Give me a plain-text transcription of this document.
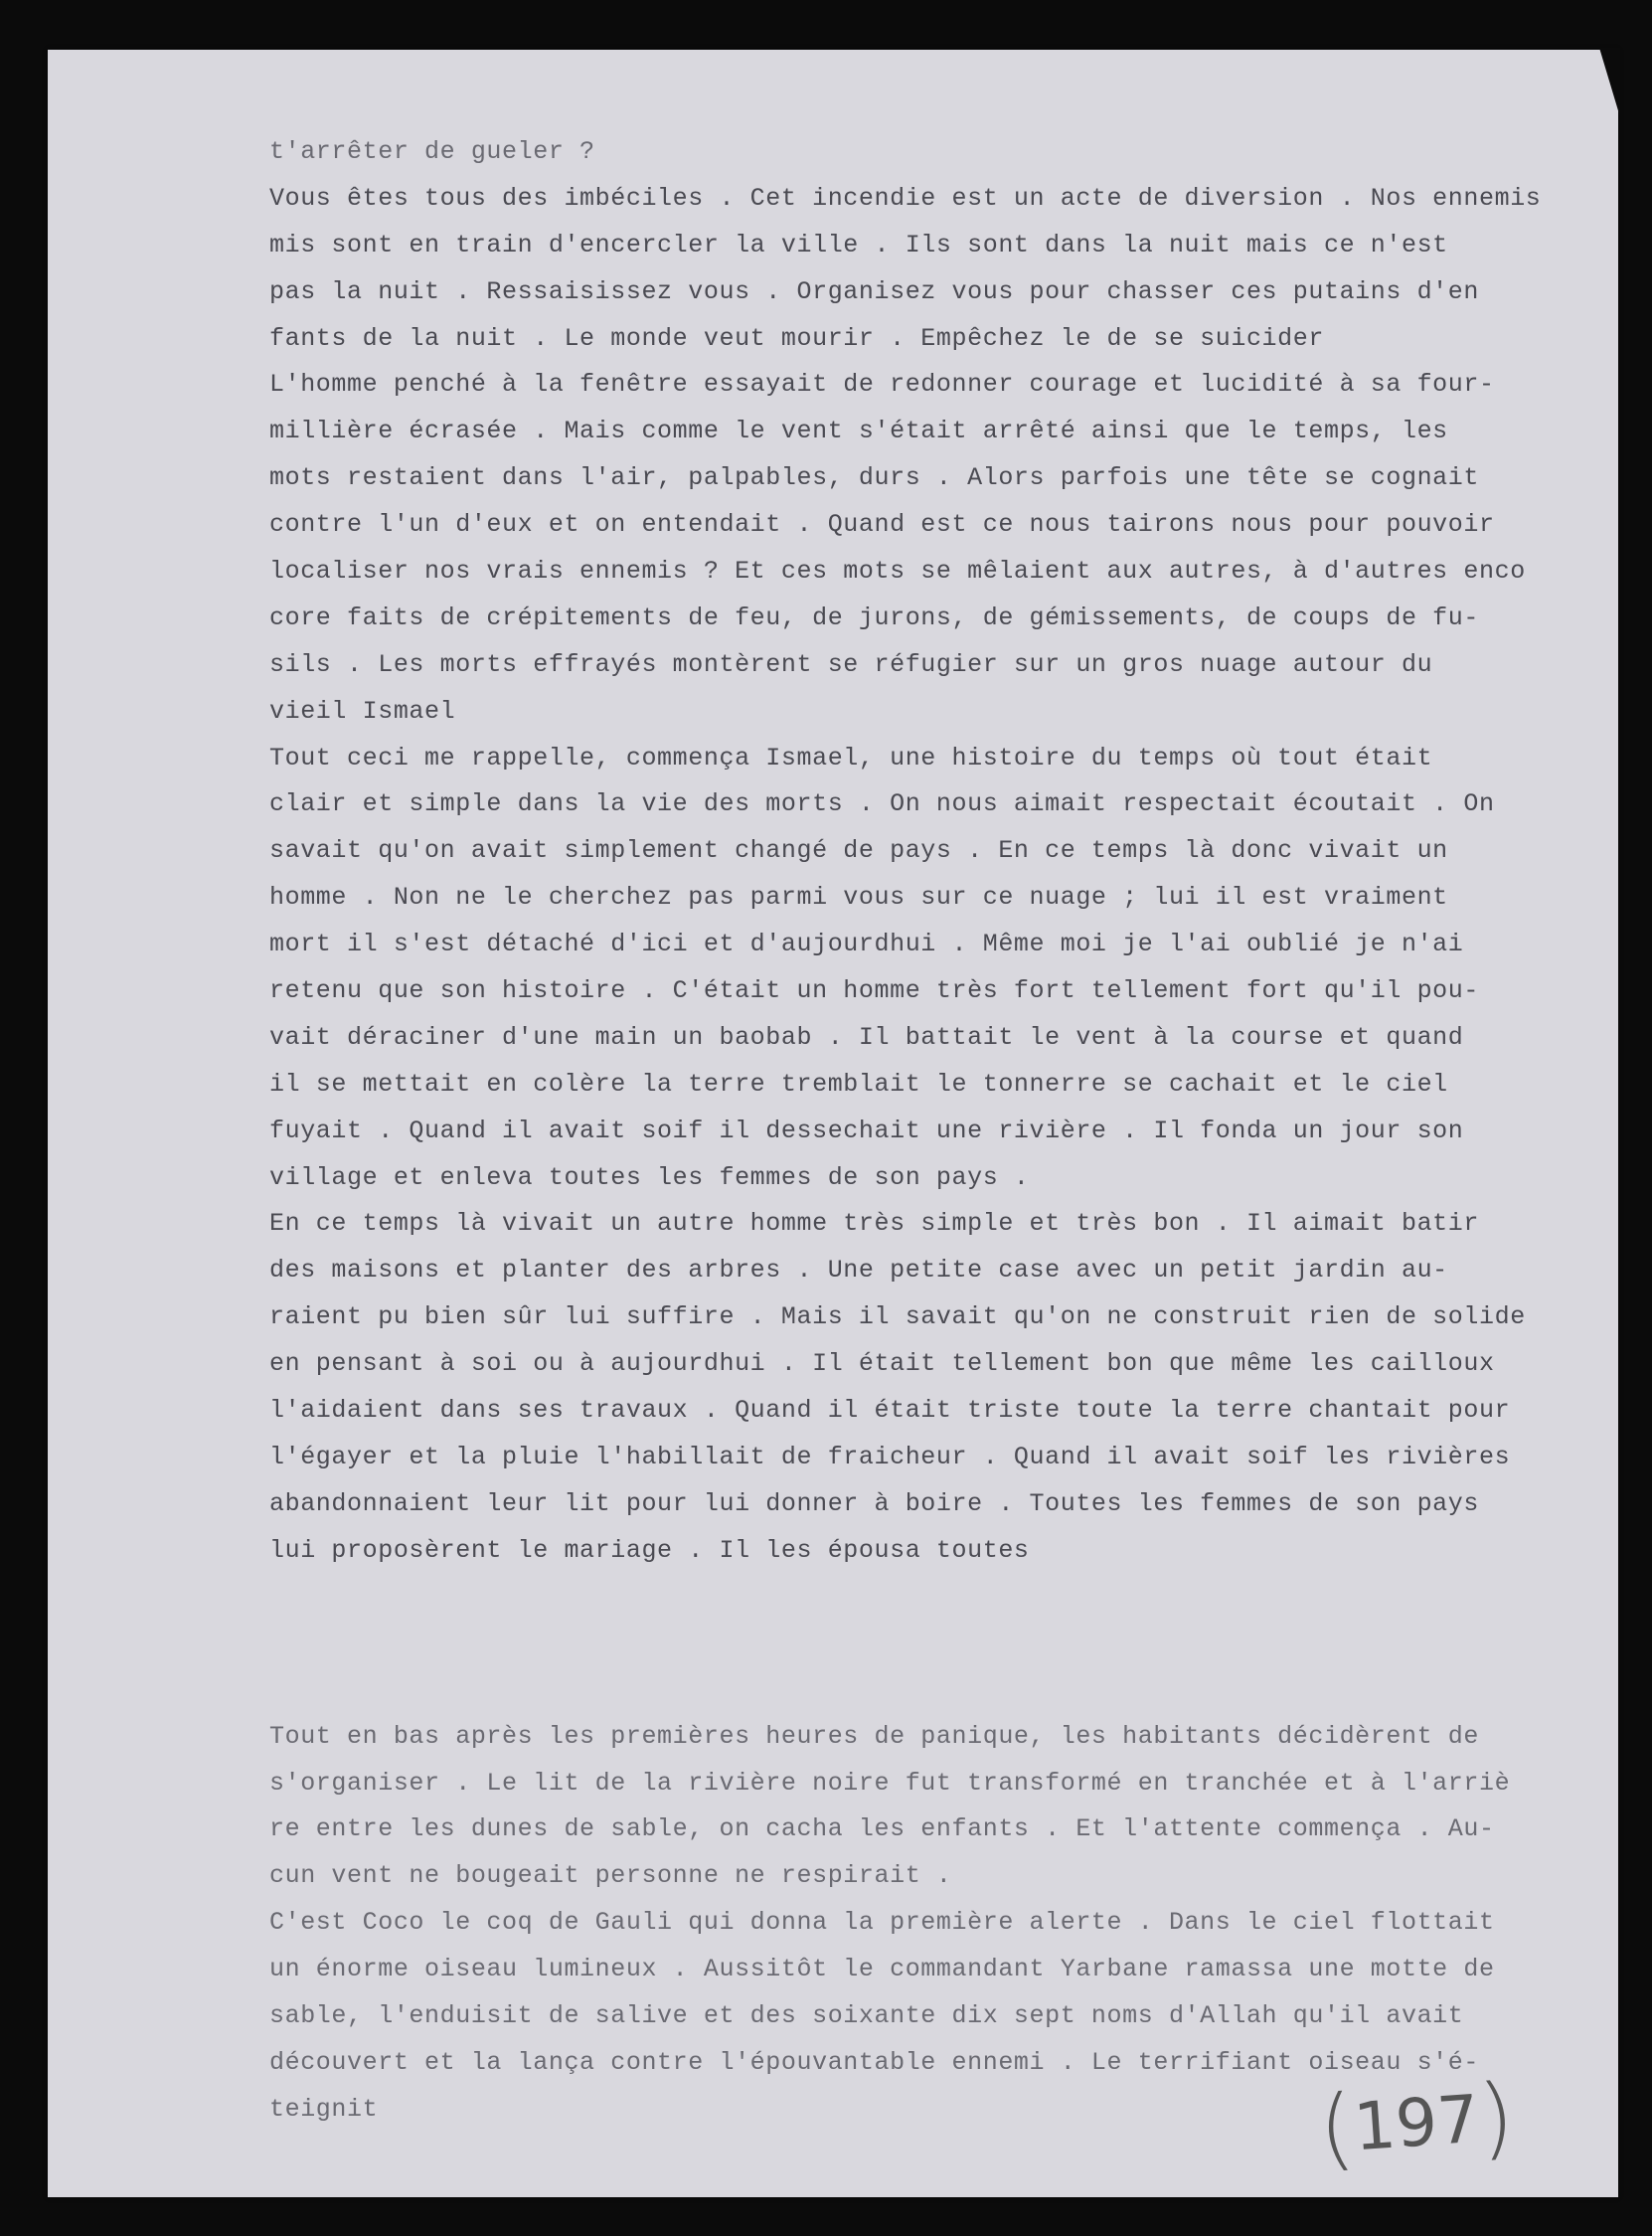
t'arrêter de gueler ?
Vous êtes tous des imbéciles . Cet incendie est un acte de diversion . Nos ennemis
mis sont en train d'encercler la ville . Ils sont dans la nuit mais ce n'est
pas la nuit . Ressaisissez vous . Organisez vous pour chasser ces putains d'en
fants de la nuit . Le monde veut mourir . Empêchez le de se suicider
L'homme penché à la fenêtre essayait de redonner courage et lucidité à sa four-
millière écrasée . Mais comme le vent s'était arrêté ainsi que le temps, les
mots restaient dans l'air, palpables, durs . Alors parfois une tête se cognait
contre l'un d'eux et on entendait . Quand est ce nous tairons nous pour pouvoir
localiser nos vrais ennemis ? Et ces mots se mêlaient aux autres, à d'autres enco
core faits de crépitements de feu, de jurons, de gémissements, de coups de fu-
sils . Les morts effrayés montèrent se réfugier sur un gros nuage autour du
vieil Ismael
Tout ceci me rappelle, commença Ismael, une histoire du temps où tout était
clair et simple dans la vie des morts . On nous aimait respectait écoutait . On
savait qu'on avait simplement changé de pays . En ce temps là donc vivait un
homme . Non ne le cherchez pas parmi vous sur ce nuage ; lui il est vraiment
mort il s'est détaché d'ici et d'aujourdhui . Même moi je l'ai oublié je n'ai
retenu que son histoire . C'était un homme très fort tellement fort qu'il pou-
vait déraciner d'une main un baobab . Il battait le vent à la course et quand
il se mettait en colère la terre tremblait le tonnerre se cachait et le ciel
fuyait . Quand il avait soif il dessechait une rivière . Il fonda un jour son
village et enleva toutes les femmes de son pays .
En ce temps là vivait un autre homme très simple et très bon . Il aimait batir
des maisons et planter des arbres . Une petite case avec un petit jardin au-
raient pu bien sûr lui suffire . Mais il savait qu'on ne construit rien de solide
en pensant à soi ou à aujourdhui . Il était tellement bon que même les cailloux
l'aidaient dans ses travaux . Quand il était triste toute la terre chantait pour
l'égayer et la pluie l'habillait de fraicheur . Quand il avait soif les rivières
abandonnaient leur lit pour lui donner à boire . Toutes les femmes de son pays
lui proposèrent le mariage . Il les épousa toutes
Tout en bas après les premières heures de panique, les habitants décidèrent de
s'organiser . Le lit de la rivière noire fut transformé en tranchée et à l'arriè
re entre les dunes de sable, on cacha les enfants . Et l'attente commença . Au-
cun vent ne bougeait personne ne respirait .
C'est Coco le coq de Gauli qui donna la première alerte . Dans le ciel flottait
un énorme oiseau lumineux . Aussitôt le commandant Yarbane ramassa une motte de
sable, l'enduisit de salive et des soixante dix sept noms d'Allah qu'il avait
découvert et la lança contre l'épouvantable ennemi . Le terrifiant oiseau s'é-
teignit	(
197
)
